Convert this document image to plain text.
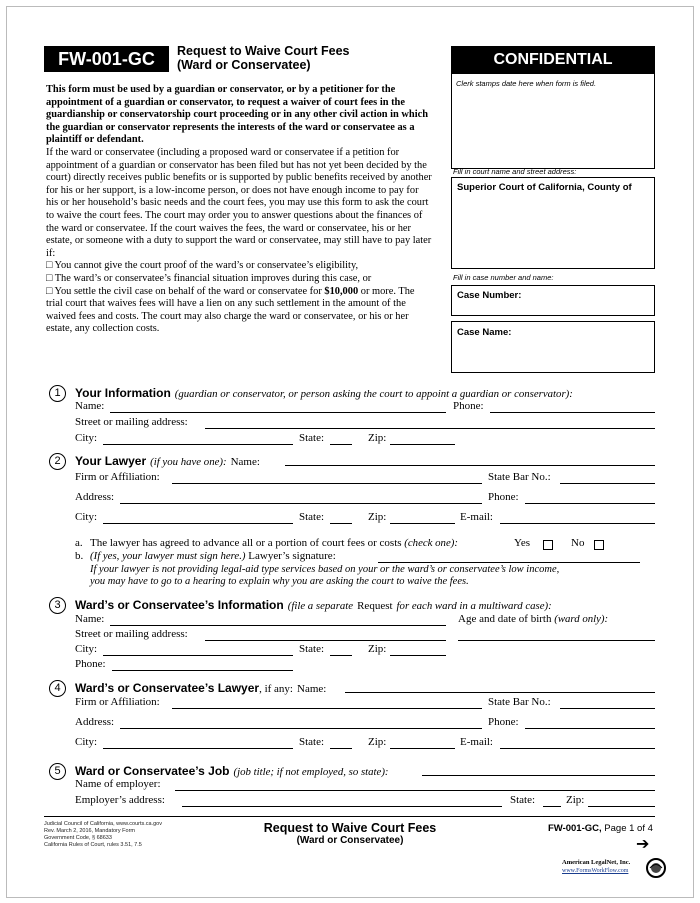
FW-001-GC	Request to Waive Court Fees
(Ward or Conservatee)	CONFIDENTIAL
Clerk stamps date here when form is filed.
Fill in court name and street address:
Superior Court of California, County of
Fill in case number and name:
Case Number:
Case Name:
This form must be used by a guardian or conservator, or by a petitioner for the appointment of a guardian or conservator, to request a waiver of court fees in the guardianship or conservatorship court proceeding or in any other civil action in which the guardian or conservator represents the interests of the ward or conservatee as a plaintiff or defendant.
If the ward or conservatee (including a proposed ward or conservatee if a petition for appointment of a guardian or conservator has been filed but has not yet been decided by the court) directly receives public benefits or is supported by public benefits received by another for his or her support, is a low-income person, or does not have enough income to pay for his or her household’s basic needs and the court fees, you may use this form to ask the court to waive the court fees. The court may order you to answer questions about the finances of the ward or conservatee. If the court waives the fees, the ward or conservatee, his or her estate, or someone with a duty to support the ward or conservatee, may still have to pay later if:
□ You cannot give the court proof of the ward’s or conservatee’s eligibility,
□ The ward’s or conservatee’s financial situation improves during this case, or
□ You settle the civil case on behalf of the ward or conservatee for $10,000 or more. The trial court that waives fees will have a lien on any such settlement in the amount of the waived fees and costs. The court may also charge the ward or conservatee, or his or her estate, any collection costs.
1	Your Information (guardian or conservator, or person asking the court to appoint a guardian or conservator):
Name:	Phone:
Street or mailing address:
City:	State:	Zip:
2	Your Lawyer (if you have one): Name:
Firm or Affiliation:	State Bar No.:
Address:	Phone:
City:	State:	Zip:	E-mail:
a. The lawyer has agreed to advance all or a portion of court fees or costs (check one):	Yes	No
b. (If yes, your lawyer must sign here.) Lawyer’s signature:
If your lawyer is not providing legal-aid type services based on your or the ward’s or conservatee’s low income,
you may have to go to a hearing to explain why you are asking the court to waive the fees.
3	Ward’s or Conservatee’s Information (file a separate Request for each ward in a multiward case):
Name:	Age and date of birth (ward only):
Street or mailing address:
City:	State:	Zip:
Phone:
4	Ward’s or Conservatee’s Lawyer, if any: Name:
Firm or Affiliation:	State Bar No.:
Address:	Phone:
City:	State:	Zip:	E-mail:
5	Ward or Conservatee’s Job (job title; if not employed, so state):
Name of employer:
Employer’s address:	State:	Zip:
Judicial Council of California, www.courts.ca.gov
Rev. March 2, 2016, Mandatory Form
Government Code, § 68633
California Rules of Court, rules 3.51, 7.5
Request to Waive Court Fees
(Ward or Conservatee)
FW-001-GC, Page 1 of 4
➔
American LegalNet, Inc.
www.FormsWorkFlow.com
